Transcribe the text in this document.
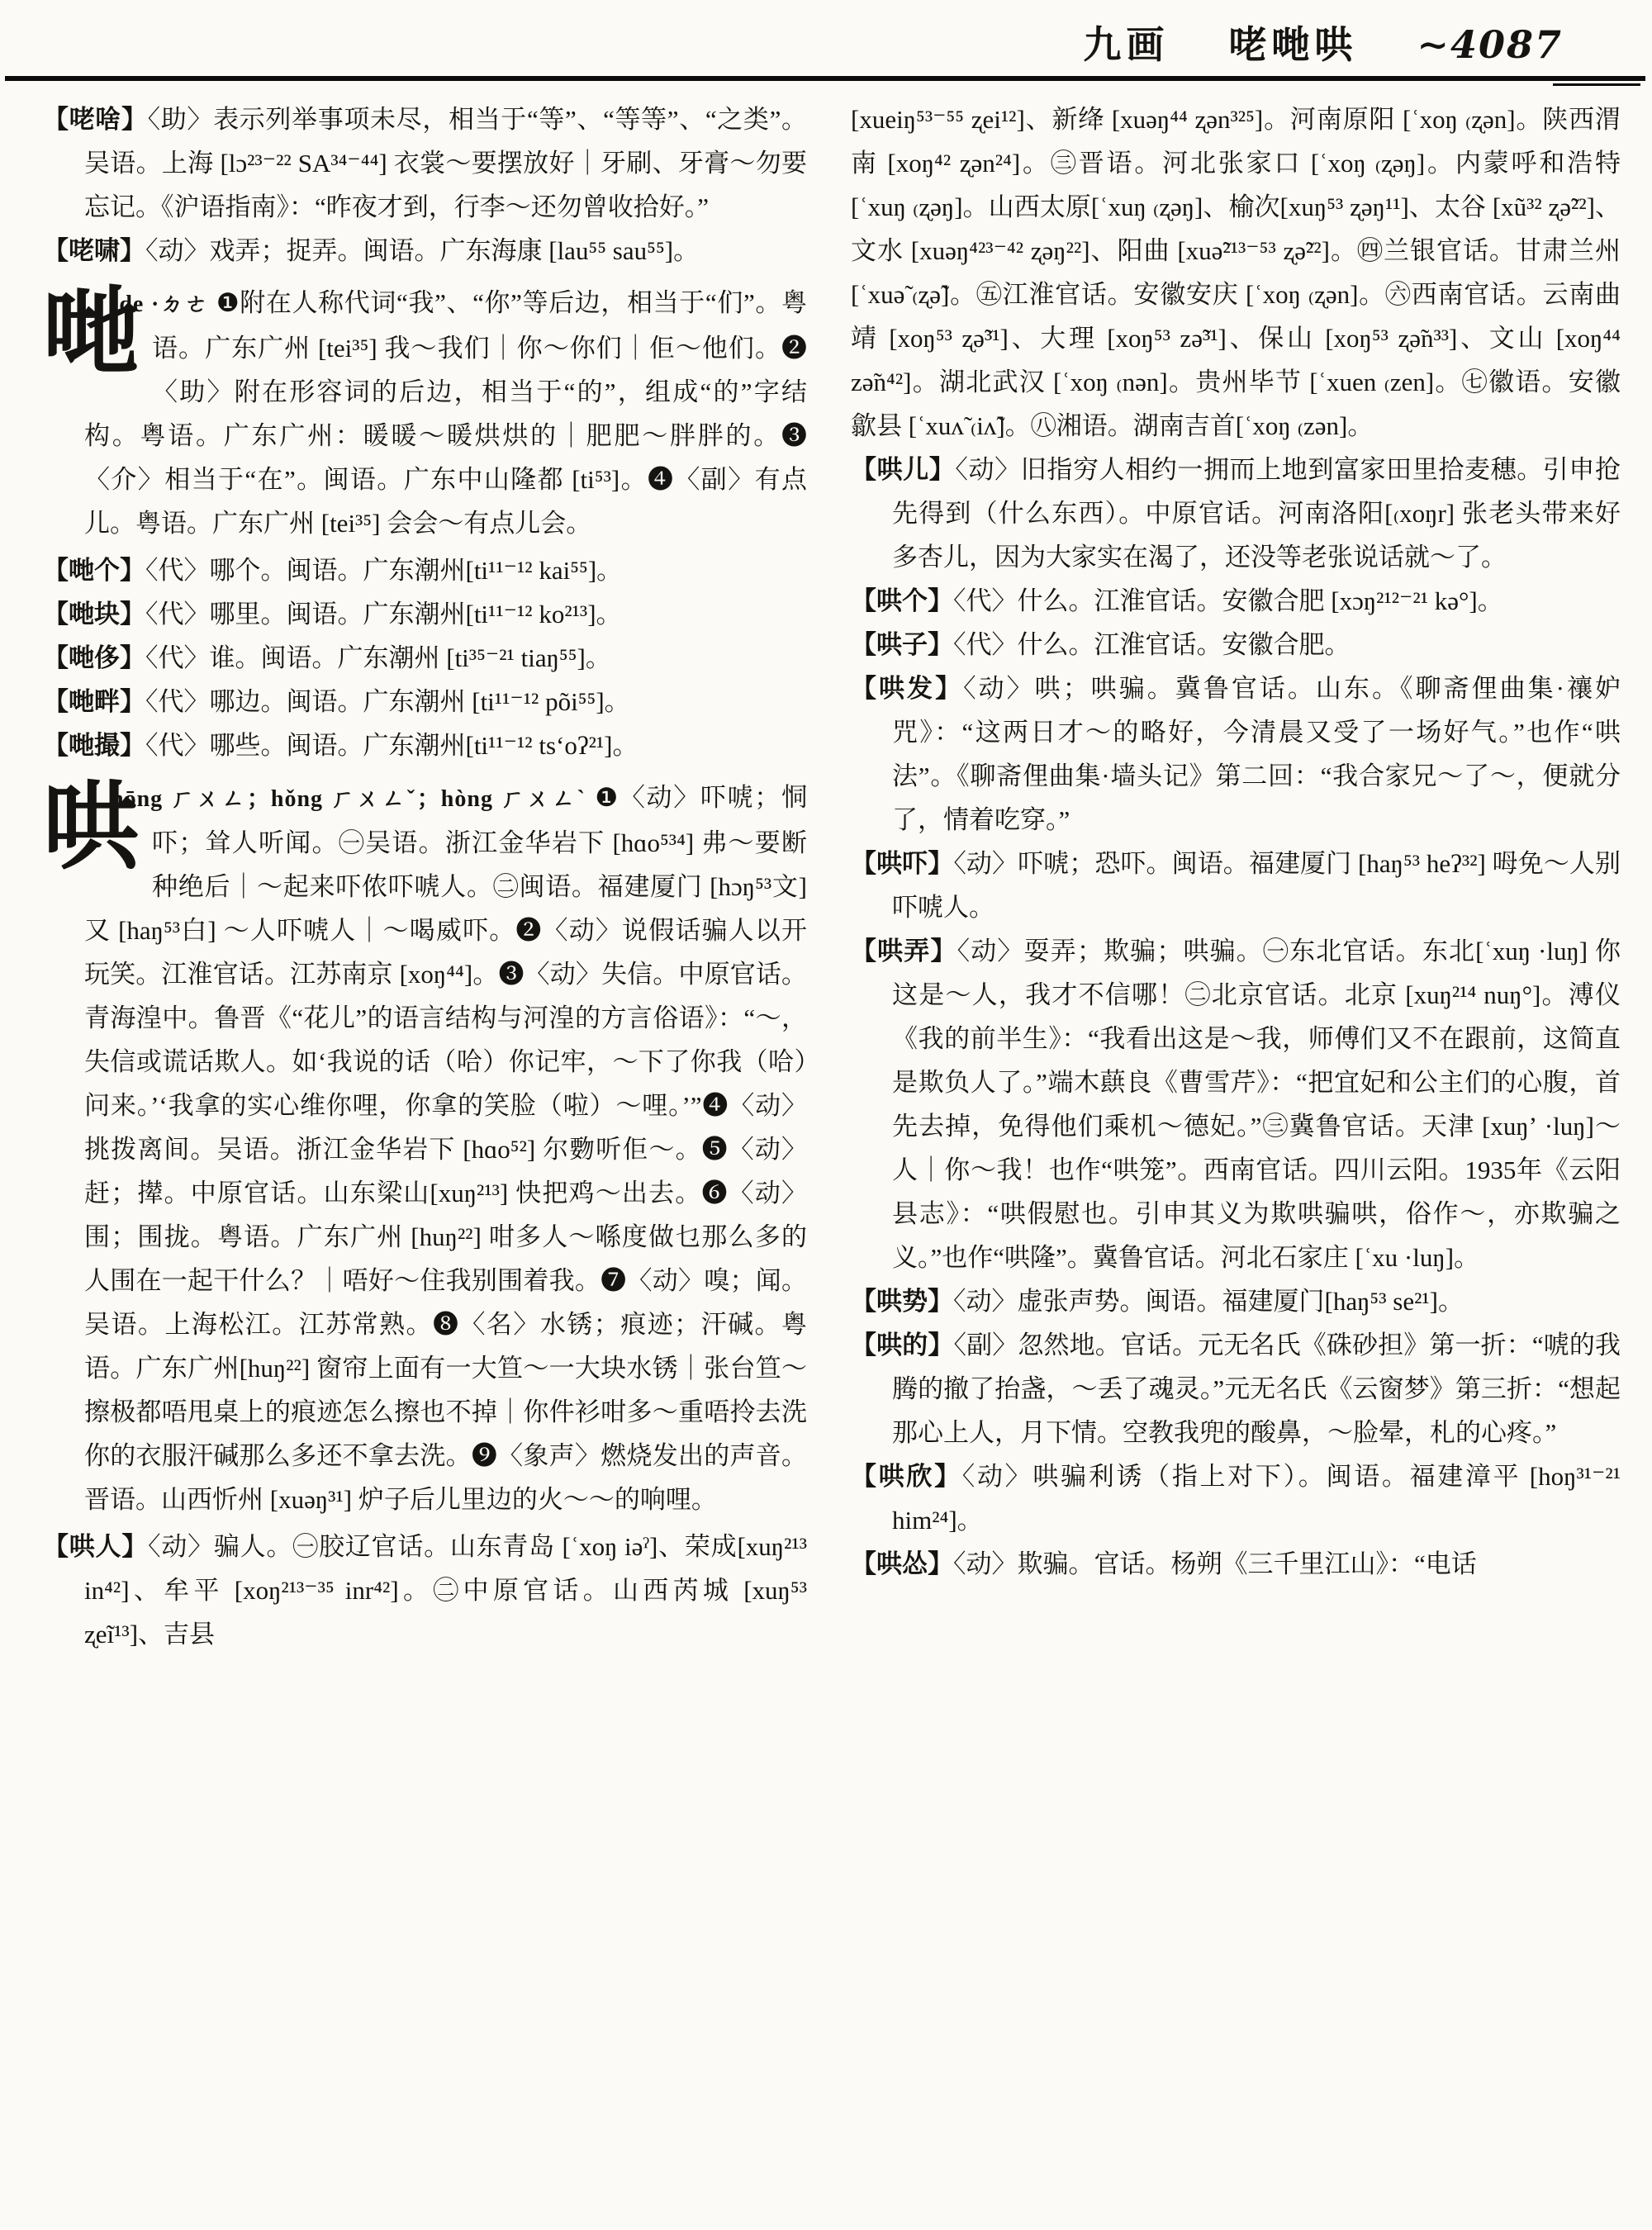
九画 咾哋哄 ∼4087

【咾啥】〈助〉表示列举事项未尽，相当于“等”、“等等”、“之类”。吴语。上海 [lɔ²³⁻²² SA³⁴⁻⁴⁴] 衣裳～要摆放好｜牙刷、牙膏～勿要忘记。《沪语指南》：“昨夜才到，行李～还勿曾收拾好。”

【咾啸】〈动〉戏弄；捉弄。闽语。广东海康 [lau⁵⁵ sau⁵⁵]。

哋

·de ·ㄉㄜ ❶附在人称代词“我”、“你”等后边，相当于“们”。粤语。广东广州 [tei³⁵] 我～我们｜你～你们｜佢～他们。❷〈助〉附在形容词的后边，相当于“的”，组成“的”字结构。粤语。广东广州：暖暖～暖烘烘的｜肥肥～胖胖的。❸〈介〉相当于“在”。闽语。广东中山隆都 [ti⁵³]。❹〈副〉有点儿。粤语。广东广州 [tei³⁵] 会会～有点儿会。

【哋个】〈代〉哪个。闽语。广东潮州[ti¹¹⁻¹² kai⁵⁵]。

【哋块】〈代〉哪里。闽语。广东潮州[ti¹¹⁻¹² ko²¹³]。

【哋侈】〈代〉谁。闽语。广东潮州 [ti³⁵⁻²¹ tiaŋ⁵⁵]。

【哋畔】〈代〉哪边。闽语。广东潮州 [ti¹¹⁻¹² põi⁵⁵]。

【哋撮】〈代〉哪些。闽语。广东潮州[ti¹¹⁻¹² tsʻoʔ²¹]。

哄

hōng ㄏㄨㄥ；hǒng ㄏㄨㄥˇ；hòng ㄏㄨㄥˋ ❶〈动〉吓唬；恫吓；耸人听闻。㊀吴语。浙江金华岩下 [hɑo⁵³⁴] 弗～要断种绝后｜～起来吓侬吓唬人。㊁闽语。福建厦门 [hɔŋ⁵³文] 又 [haŋ⁵³白] ～人吓唬人｜～喝威吓。❷〈动〉说假话骗人以开玩笑。江淮官话。江苏南京 [xoŋ⁴⁴]。❸〈动〉失信。中原官话。青海湟中。鲁晋《“花儿”的语言结构与河湟的方言俗语》：“～，失信或谎话欺人。如‘我说的话（哈）你记牢，～下了你我（哈）问来。’‘我拿的实心维你哩，你拿的笑脸（啦）～哩。’”❹〈动〉挑拨离间。吴语。浙江金华岩下 [hɑo⁵²] 尔覅听佢～。❺〈动〉赶；撵。中原官话。山东梁山[xuŋ²¹³] 快把鸡～出去。❻〈动〉围；围拢。粤语。广东广州 [huŋ²²] 咁多人～喺度做乜那么多的人围在一起干什么？｜唔好～住我别围着我。❼〈动〉嗅；闻。吴语。上海松江。江苏常熟。❽〈名〉水锈；痕迹；汗碱。粤语。广东广州[huŋ²²] 窗帘上面有一大笪～一大块水锈｜张台笪～擦极都唔甩桌上的痕迹怎么擦也不掉｜你件衫咁多～重唔拎去洗你的衣服汗碱那么多还不拿去洗。❾〈象声〉燃烧发出的声音。晋语。山西忻州 [xuəŋ³¹] 炉子后儿里边的火～～的响哩。

【哄人】〈动〉骗人。㊀胶辽官话。山东青岛 [ʿxoŋ iəˀ]、荣成[xuŋ²¹³ in⁴²]、牟平 [xoŋ²¹³⁻³⁵ inr⁴²]。㊁中原官话。山西芮城 [xuŋ⁵³ ʐeĩ¹³]、吉县

[xueiŋ⁵³⁻⁵⁵ ʐei¹²]、新绛 [xuəŋ⁴⁴ ʐən³²⁵]。河南原阳 [ʿxoŋ ₍ʐən]。陕西渭南 [xoŋ⁴² ʐən²⁴]。㊂晋语。河北张家口 [ʿxoŋ ₍ʐəŋ]。内蒙呼和浩特 [ʿxuŋ ₍ʐəŋ]。山西太原[ʿxuŋ ₍ʐəŋ]、榆次[xuŋ⁵³ ʐəŋ¹¹]、太谷 [xũ³² ʐə̃²²]、文水 [xuəŋ⁴²³⁻⁴² ʐəŋ²²]、阳曲 [xuə̃²¹³⁻⁵³ ʐə̃²²]。㊃兰银官话。甘肃兰州 [ʿxuə̃ ₍ʐə̃]。㊄江淮官话。安徽安庆 [ʿxoŋ ₍ʐən]。㊅西南官话。云南曲靖 [xoŋ⁵³ ʐə̃³¹]、大理 [xoŋ⁵³ zə̃³¹]、保山 [xoŋ⁵³ ʐə̃n³³]、文山 [xoŋ⁴⁴ zə̃n⁴²]。湖北武汉 [ʿxoŋ ₍nən]。贵州毕节 [ʿxuen ₍zen]。㊆徽语。安徽歙县 [ʿxuʌ̃ ₍iʌ̃]。㊇湘语。湖南吉首[ʿxoŋ ₍zən]。

【哄儿】〈动〉旧指穷人相约一拥而上地到富家田里拾麦穗。引申抢先得到（什么东西）。中原官话。河南洛阳[₍xoŋr] 张老头带来好多杏儿，因为大家实在渴了，还没等老张说话就～了。

【哄个】〈代〉什么。江淮官话。安徽合肥 [xɔŋ²¹²⁻²¹ kə°]。

【哄子】〈代〉什么。江淮官话。安徽合肥。

【哄发】〈动〉哄；哄骗。冀鲁官话。山东。《聊斋俚曲集·禳妒咒》：“这两日才～的略好，今清晨又受了一场好气。”也作“哄法”。《聊斋俚曲集·墙头记》第二回：“我合家兄～了～，便就分了，情着吃穿。”

【哄吓】〈动〉吓唬；恐吓。闽语。福建厦门 [haŋ⁵³ heʔ³²] 呣免～人别吓唬人。

【哄弄】〈动〉耍弄；欺骗；哄骗。㊀东北官话。东北[ʿxuŋ ·luŋ] 你这是～人，我才不信哪！㊁北京官话。北京 [xuŋ²¹⁴ nuŋ°]。溥仪《我的前半生》：“我看出这是～我，师傅们又不在跟前，这简直是欺负人了。”端木蕻良《曹雪芹》：“把宜妃和公主们的心腹，首先去掉，免得他们乘机～德妃。”㊂冀鲁官话。天津 [xuŋʼ ·luŋ]～人｜你～我！也作“哄笼”。西南官话。四川云阳。1935年《云阳县志》：“哄假慰也。引申其义为欺哄骗哄，俗作～，亦欺骗之义。”也作“哄隆”。冀鲁官话。河北石家庄 [ʿxu ·luŋ]。

【哄势】〈动〉虚张声势。闽语。福建厦门[haŋ⁵³ se²¹]。

【哄的】〈副〉忽然地。官话。元无名氏《硃砂担》第一折：“唬的我腾的撤了抬盏，～丢了魂灵。”元无名氏《云窗梦》第三折：“想起那心上人，月下情。空教我兜的酸鼻，～脸晕，札的心疼。”

【哄欣】〈动〉哄骗利诱（指上对下）。闽语。福建漳平 [hoŋ³¹⁻²¹ him²⁴]。

【哄怂】〈动〉欺骗。官话。杨朔《三千里江山》：“电话
